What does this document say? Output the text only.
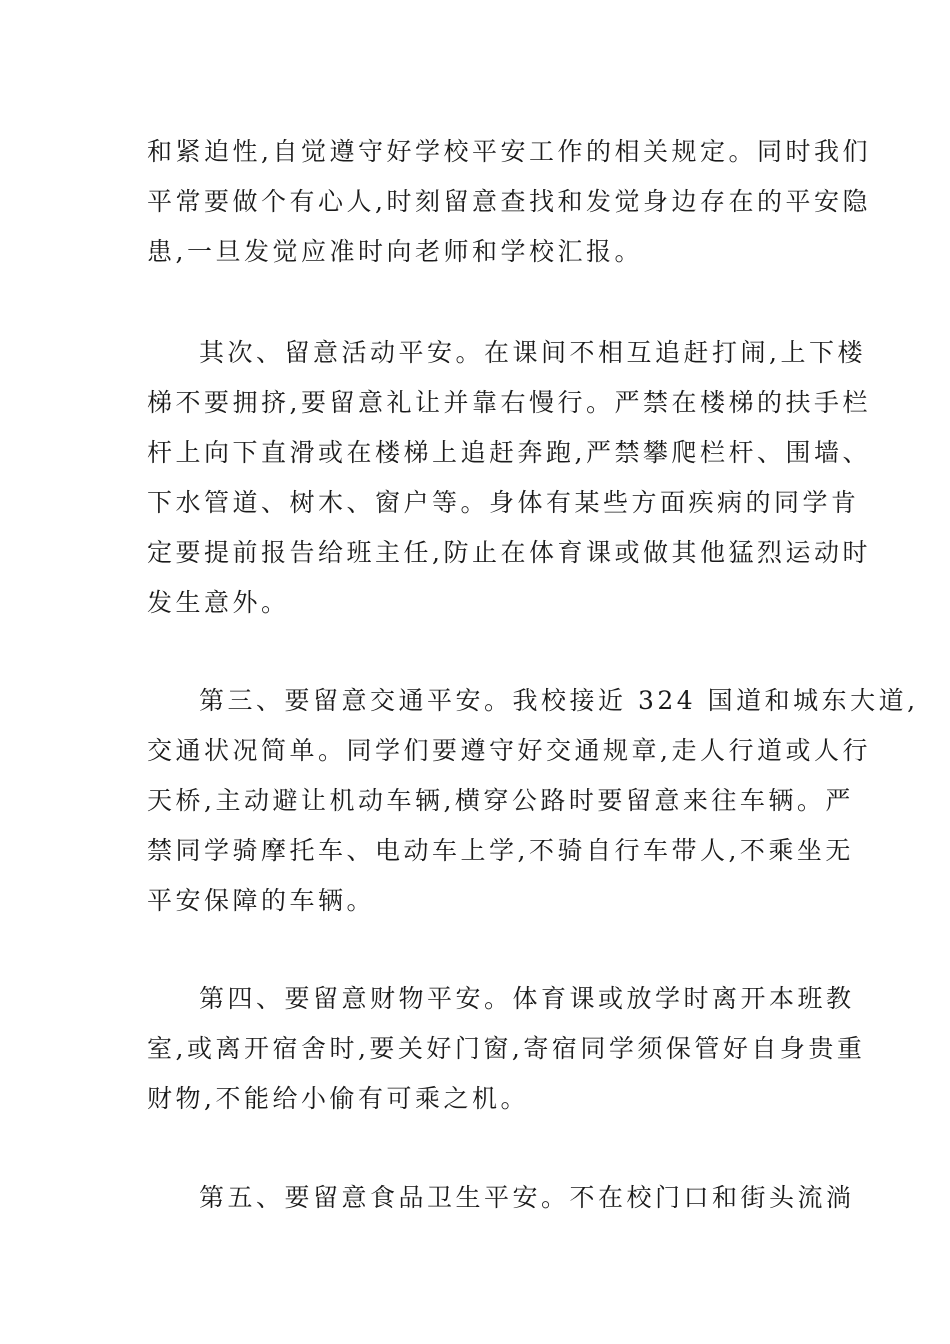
和紧迫性,自觉遵守好学校平安工作的相关规定。同时我们
平常要做个有心人,时刻留意查找和发觉身边存在的平安隐
患,一旦发觉应准时向老师和学校汇报。
其次、留意活动平安。在课间不相互追赶打闹,上下楼
梯不要拥挤,要留意礼让并靠右慢行。严禁在楼梯的扶手栏
杆上向下直滑或在楼梯上追赶奔跑,严禁攀爬栏杆、围墙、
下水管道、树木、窗户等。身体有某些方面疾病的同学肯
定要提前报告给班主任,防止在体育课或做其他猛烈运动时
发生意外。
第三、要留意交通平安。我校接近 324 国道和城东大道,
交通状况简单。同学们要遵守好交通规章,走人行道或人行
天桥,主动避让机动车辆,横穿公路时要留意来往车辆。严
禁同学骑摩托车、电动车上学,不骑自行车带人,不乘坐无
平安保障的车辆。
第四、要留意财物平安。体育课或放学时离开本班教
室,或离开宿舍时,要关好门窗,寄宿同学须保管好自身贵重
财物,不能给小偷有可乘之机。
第五、要留意食品卫生平安。不在校门口和街头流淌
